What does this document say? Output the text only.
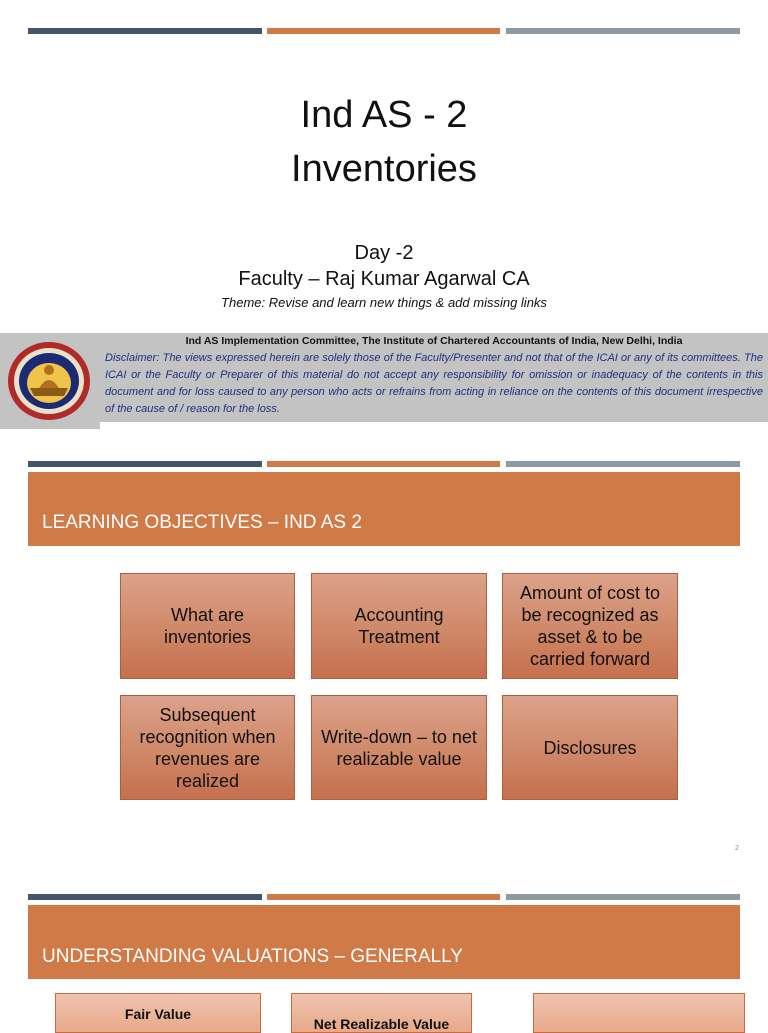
Ind AS - 2
Inventories
Day -2
Faculty – Raj Kumar Agarwal CA
Theme: Revise and learn new things & add missing links
Ind AS Implementation Committee, The Institute of Chartered Accountants of India, New Delhi, India
Disclaimer: The views expressed herein are solely those of the Faculty/Presenter and not that of the ICAI or any of its committees. The ICAI or the Faculty or Preparer of this material do not accept any responsibility for omission or inadequacy of the contents in this document and for loss caused to any person who acts or refrains from acting in reliance on the contents of this document irrespective of the cause of / reason for the loss.
LEARNING OBJECTIVES – IND AS 2
What are inventories
Accounting Treatment
Amount of cost to be recognized as asset & to be carried forward
Subsequent recognition when revenues are realized
Write-down – to net realizable value
Disclosures
2
UNDERSTANDING VALUATIONS – GENERALLY
Fair Value
Net Realizable Value
